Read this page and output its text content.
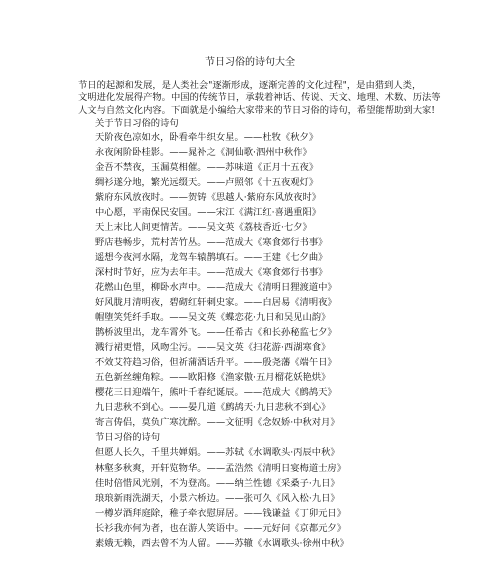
节日习俗的诗句大全
节日的起源和发展，是人类社会"逐渐形成，逐渐完善的文化过程"，是由猎到人类，
文明进化发展得产物。中国的传统节日，承载着神话、传说、天文、地理、术数、历法等
人文与自然文化内容。下面就是小编给大家带来的节日习俗的诗句，希望能帮助到大家!
关于节日习俗的诗句
天阶夜色凉如水，卧看牵牛织女星。——杜牧《秋夕》
永夜闲阶卧桂影。——晁补之《洞仙歌·泗州中秋作》
金吾不禁夜，玉漏莫相催。——苏味道《正月十五夜》
绸衫遂分地，繁光远缀天。——卢照邻《十五夜观灯》
紫府东风放夜时。——贺铸《思越人·紫府东风放夜时》
中心愿，平南保民安国。——宋江《满江红·喜遇重阳》
天上末比人间更情苦。——吴文英《荔枝香近·七夕》
野店巷畅步，荒村苦竹丛。——范成大《寒食郊行书事》
遥想今夜河水隔，龙驾车辕鹊填石。——王建《七夕曲》
深村时节好，应为去年丰。——范成大《寒食郊行书事》
花燃山色里，柳卧水声中。——范成大《清明日狸渡道中》
好风胧月清明夜，碧砌红轩刺史家。——白居易《清明夜》
帽堕笑凭纤手取。——吴文英《蝶恋花·九日和吴见山韵》
鹊桥波里出，龙车霄外飞。——任希古《和长孙秘监七夕》
溅行裙更惜，风吻尘污。——吴文英《扫花游·西湖寒食》
不效艾符趋习俗，但祈蒲酒话升平。——殷尧藩《端午日》
五色新丝缠角粽。——欧阳修《渔家傲·五月榴花妖艳烘》
樱花三日迎端午，熊叶千春纪诞辰。——范成大《鹧鸪天》
九日悲秋不到心。——晏几道《鹧鸪天·九日悲秋不到心》
寄言俦侣，莫负广寒沈醉。——文征明《念奴娇·中秋对月》
节日习俗的诗句
但愿人长久，千里共婵娟。——苏轼《水调歌头·丙辰中秋》
林壑多秋爽，开轩览物华。——孟浩然《清明日宴梅道士房》
佳时倍惜风光别，不为登高。——纳兰性德《采桑子·九日》
琅琅新雨洗湖天，小景六桥边。——张可久《风入松·九日》
一樽岁酒拜庭除，稚子牵衣慰屏居。——钱谦益《丁卯元日》
长衫我亦何为者，也在游人笑语中。——元好问《京都元夕》
素娥无赖，西去曾不为人留。——苏辙《水调歌头·徐州中秋》
